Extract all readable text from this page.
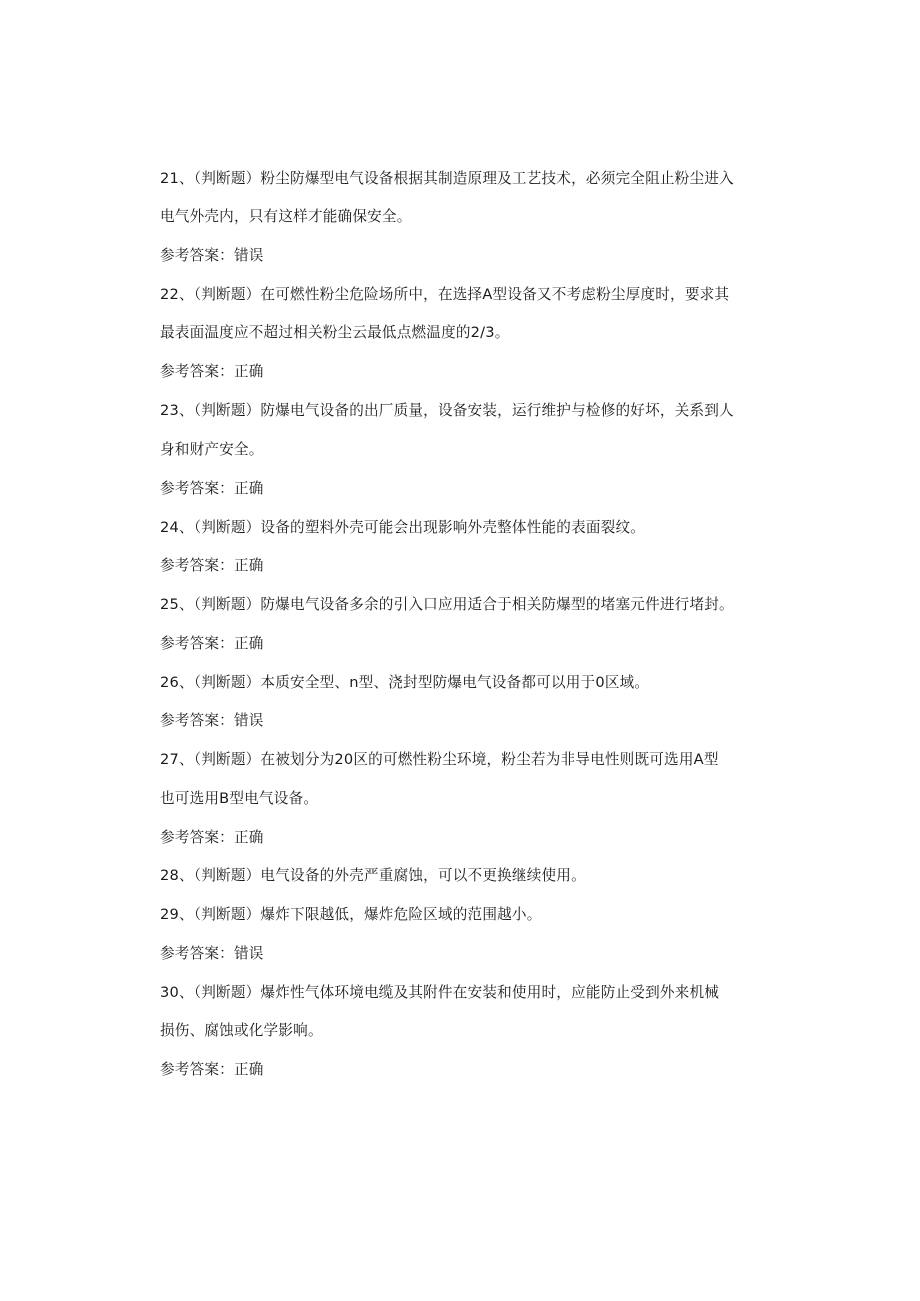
21、（判断题）粉尘防爆型电气设备根据其制造原理及工艺技术，必须完全阻止粉尘进入
电气外壳内，只有这样才能确保安全。
参考答案：错误
22、（判断题）在可燃性粉尘危险场所中，在选择A型设备又不考虑粉尘厚度时，要求其
最表面温度应不超过相关粉尘云最低点燃温度的2/3。
参考答案：正确
23、（判断题）防爆电气设备的出厂质量，设备安装，运行维护与检修的好坏，关系到人
身和财产安全。
参考答案：正确
24、（判断题）设备的塑料外壳可能会出现影响外壳整体性能的表面裂纹。
参考答案：正确
25、（判断题）防爆电气设备多余的引入口应用适合于相关防爆型的堵塞元件进行堵封。
参考答案：正确
26、（判断题）本质安全型、n型、浇封型防爆电气设备都可以用于0区域。
参考答案：错误
27、（判断题）在被划分为20区的可燃性粉尘环境，粉尘若为非导电性则既可选用A型
也可选用B型电气设备。
参考答案：正确
28、（判断题）电气设备的外壳严重腐蚀，可以不更换继续使用。
29、（判断题）爆炸下限越低，爆炸危险区域的范围越小。
参考答案：错误
30、（判断题）爆炸性气体环境电缆及其附件在安装和使用时，应能防止受到外来机械
损伤、腐蚀或化学影响。
参考答案：正确
